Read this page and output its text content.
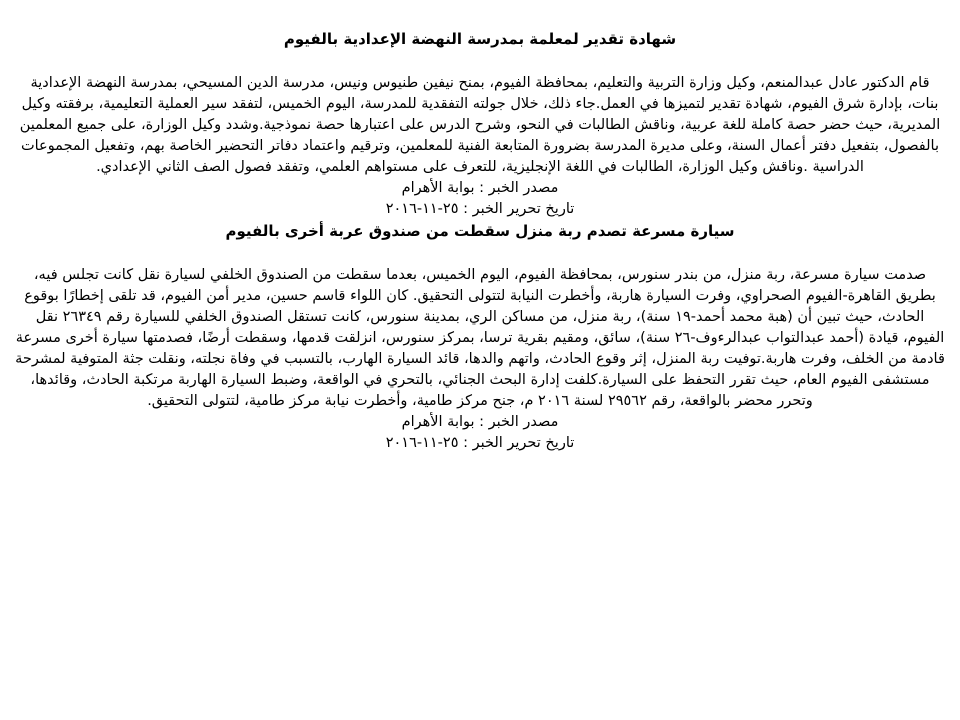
شهادة تقدير لمعلمة بمدرسة النهضة الإعدادية بالفيوم

قام الدكتور عادل عبدالمنعم، وكيل وزارة التربية والتعليم، بمحافظة الفيوم، بمنح نيفين طنيوس ونيس، مدرسة الدين المسيحي، بمدرسة النهضة الإعدادية بنات، بإدارة شرق الفيوم، شهادة تقدير لتميزها في العمل.جاء ذلك، خلال جولته التفقدية للمدرسة، اليوم الخميس، لتفقد سير العملية التعليمية، برفقته وكيل المديرية، حيث حضر حصة كاملة للغة عربية، وناقش الطالبات في النحو، وشرح الدرس على اعتبارها حصة نموذجية.وشدد وكيل الوزارة، على جميع المعلمين بالفصول، بتفعيل دفتر أعمال السنة، وعلى مديرة المدرسة بضرورة المتابعة الفنية للمعلمين، وترقيم واعتماد دفاتر التحضير الخاصة بهم، وتفعيل المجموعات الدراسية .وناقش وكيل الوزارة، الطالبات في اللغة الإنجليزية، للتعرف على مستواهم العلمي، وتفقد فصول الصف الثاني الإعدادي.

مصدر الخبر : بوابة الأهرام

تاريخ تحرير الخبر : ٢٥-١١-٢٠١٦

سيارة مسرعة تصدم ربة منزل سقطت من صندوق عربة أخرى بالفيوم

صدمت سيارة مسرعة، ربة منزل، من بندر سنورس، بمحافظة الفيوم، اليوم الخميس، بعدما سقطت من الصندوق الخلفي لسيارة نقل كانت تجلس فيه، بطريق القاهرة-الفيوم الصحراوي، وفرت السيارة هاربة، وأخطرت النيابة لتتولى التحقيق. كان اللواء قاسم حسين، مدير أمن الفيوم، قد تلقى إخطارًا بوقوع الحادث، حيث تبين أن (هبة محمد أحمد-١٩ سنة)، ربة منزل، من مساكن الري، بمدينة سنورس، كانت تستقل الصندوق الخلفي للسيارة رقم ٢٦٣٤٩ نقل الفيوم، قيادة (أحمد عبدالتواب عبدالرءوف-٢٦ سنة)، سائق، ومقيم بقرية ترسا، بمركز سنورس، انزلقت قدمها، وسقطت أرضًا، فصدمتها سيارة أخرى مسرعة قادمة من الخلف، وفرت هاربة.توفيت ربة المنزل، إثر وقوع الحادث، واتهم والدها، قائد السيارة الهارب، بالتسبب في وفاة نجلته، ونقلت جثة المتوفية لمشرحة مستشفى الفيوم العام، حيث تقرر التحفظ على السيارة.كلفت إدارة البحث الجنائي، بالتحري في الواقعة، وضبط السيارة الهاربة مرتكبة الحادث، وقائدها، وتحرر محضر بالواقعة، رقم ٢٩٥٦٢ لسنة ٢٠١٦ م، جنح مركز طامية، وأخطرت نيابة مركز طامية، لتتولى التحقيق.

مصدر الخبر : بوابة الأهرام

تاريخ تحرير الخبر : ٢٥-١١-٢٠١٦
